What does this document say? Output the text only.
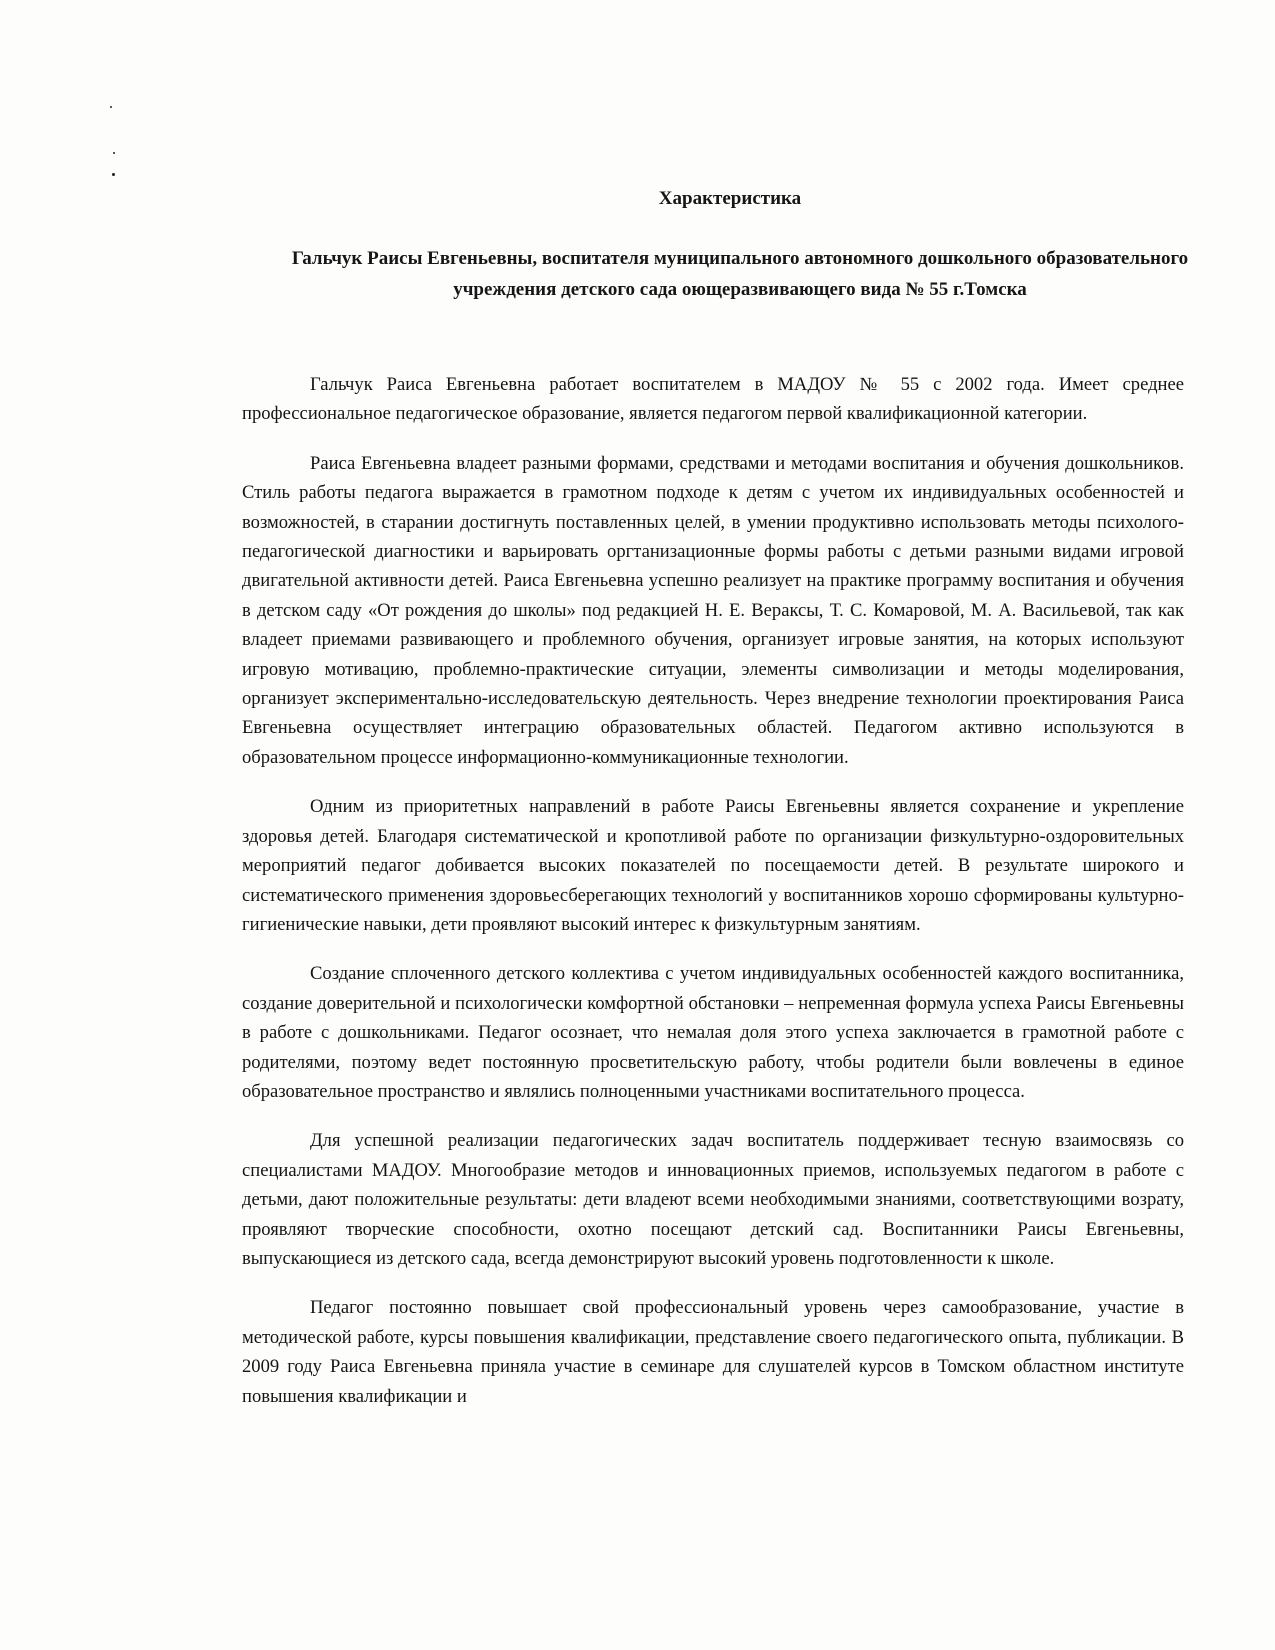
Характеристика
Гальчук Раисы Евгеньевны, воспитателя муниципального автономного дошкольного образовательного учреждения детского сада оющеразвивающего вида № 55 г.Томска

Гальчук Раиса Евгеньевна работает воспитателем в МАДОУ № 55 с 2002 года. Имеет среднее профессиональное педагогическое образование, является педагогом первой квалификационной категории.

Раиса Евгеньевна владеет разными формами, средствами и методами воспитания и обучения дошкольников. Стиль работы педагога выражается в грамотном подходе к детям с учетом их индивидуальных особенностей и возможностей, в старании достигнуть поставленных целей, в умении продуктивно использовать методы психолого-педагогической диагностики и варьировать оргтанизационные формы работы с детьми разными видами игровой двигательной активности детей. Раиса Евгеньевна успешно реализует на практике программу воспитания и обучения в детском саду «От рождения до школы» под редакцией Н. Е. Вераксы, Т. С. Комаровой, М. А. Васильевой, так как владеет приемами развивающего и проблемного обучения, организует игровые занятия, на которых используют игровую мотивацию, проблемно-практические ситуации, элементы символизации и методы моделирования, организует экспериментально-исследовательскую деятельность. Через внедрение технологии проектирования Раиса Евгеньевна осуществляет интеграцию образовательных областей. Педагогом активно используются в образовательном процессе информационно-коммуникационные технологии.

Одним из приоритетных направлений в работе Раисы Евгеньевны является сохранение и укрепление здоровья детей. Благодаря систематической и кропотливой работе по организации физкультурно-оздоровительных мероприятий педагог добивается высоких показателей по посещаемости детей. В результате широкого и систематического применения здоровьесберегающих технологий у воспитанников хорошо сформированы культурно-гигиенические навыки, дети проявляют высокий интерес к физкультурным занятиям.

Создание сплоченного детского коллектива с учетом индивидуальных особенностей каждого воспитанника, создание доверительной и психологически комфортной обстановки – непременная формула успеха Раисы Евгеньевны в работе с дошкольниками. Педагог осознает, что немалая доля этого успеха заключается в грамотной работе с родителями, поэтому ведет постоянную просветительскую работу, чтобы родители были вовлечены в единое образовательное пространство и являлись полноценными участниками воспитательного процесса.

Для успешной реализации педагогических задач воспитатель поддерживает тесную взаимосвязь со специалистами МАДОУ. Многообразие методов и инновационных приемов, используемых педагогом в работе с детьми, дают положительные результаты: дети владеют всеми необходимыми знаниями, соответствующими возрату, проявляют творческие способности, охотно посещают детский сад. Воспитанники Раисы Евгеньевны, выпускающиеся из детского сада, всегда демонстрируют высокий уровень подготовленности к школе.

Педагог постоянно повышает свой профессиональный уровень через самообразование, участие в методической работе, курсы повышения квалификации, представление своего педагогического опыта, публикации. В 2009 году Раиса Евгеньевна приняла участие в семинаре для слушателей курсов в Томском областном институте повышения квалификации и
